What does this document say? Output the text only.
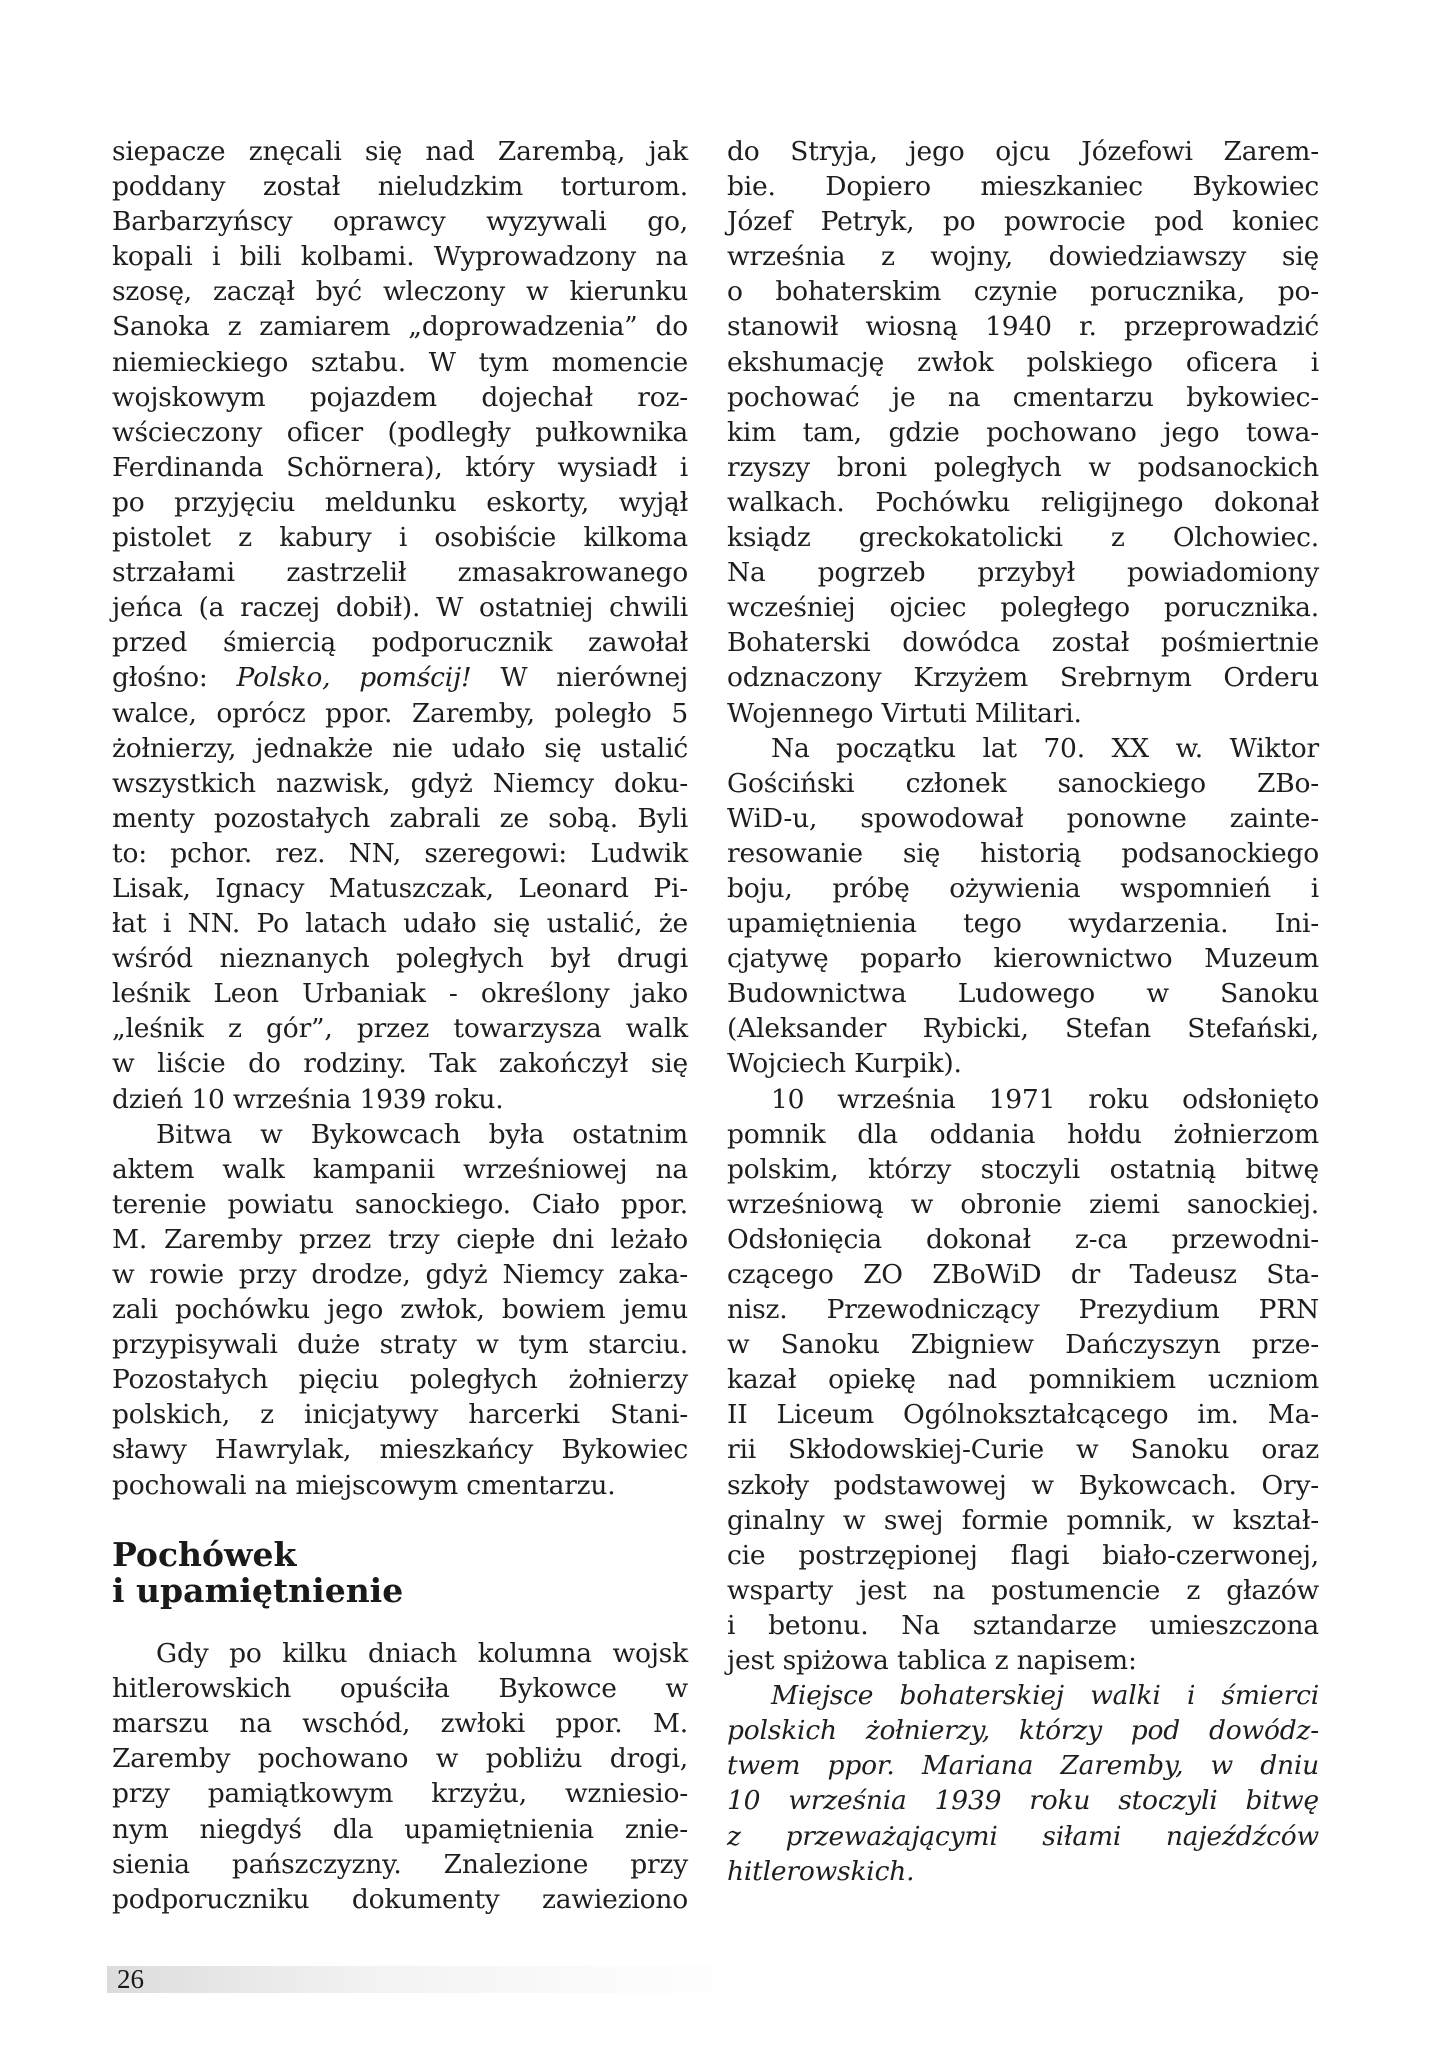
siepacze znęcali się nad Zarembą, jak
poddany został nieludzkim torturom.
Barbarzyńscy oprawcy wyzywali go,
kopali i bili kolbami. Wyprowadzony na
szosę, zaczął być wleczony w kierunku
Sanoka z zamiarem „doprowadzenia” do
niemieckiego sztabu. W tym momencie
wojskowym pojazdem dojechał roz-
wścieczony oficer (podległy pułkownika
Ferdinanda Schörnera), który wysiadł i
po przyjęciu meldunku eskorty, wyjął
pistolet z kabury i osobiście kilkoma
strzałami zastrzelił zmasakrowanego
jeńca (a raczej dobił). W ostatniej chwili
przed śmiercią podporucznik zawołał
głośno: Polsko, pomścij! W nierównej
walce, oprócz ppor. Zaremby, poległo 5
żołnierzy, jednakże nie udało się ustalić
wszystkich nazwisk, gdyż Niemcy doku-
menty pozostałych zabrali ze sobą. Byli
to: pchor. rez. NN, szeregowi: Ludwik
Lisak, Ignacy Matuszczak, Leonard Pi-
łat i NN. Po latach udało się ustalić, że
wśród nieznanych poległych był drugi
leśnik Leon Urbaniak - określony jako
„leśnik z gór”, przez towarzysza walk
w liście do rodziny. Tak zakończył się
dzień 10 września 1939 roku.
Bitwa w Bykowcach była ostatnim
aktem walk kampanii wrześniowej na
terenie powiatu sanockiego. Ciało ppor.
M. Zaremby przez trzy ciepłe dni leżało
w rowie przy drodze, gdyż Niemcy zaka-
zali pochówku jego zwłok, bowiem jemu
przypisywali duże straty w tym starciu.
Pozostałych pięciu poległych żołnierzy
polskich, z inicjatywy harcerki Stani-
sławy Hawrylak, mieszkańcy Bykowiec
pochowali na miejscowym cmentarzu.
Pochówek
i upamiętnienie
Gdy po kilku dniach kolumna wojsk
hitlerowskich opuściła Bykowce w
marszu na wschód, zwłoki ppor. M.
Zaremby pochowano w pobliżu drogi,
przy pamiątkowym krzyżu, wzniesio-
nym niegdyś dla upamiętnienia znie-
sienia pańszczyzny. Znalezione przy
podporuczniku dokumenty zawieziono
do Stryja, jego ojcu Józefowi Zarem-
bie. Dopiero mieszkaniec Bykowiec
Józef Petryk, po powrocie pod koniec
września z wojny, dowiedziawszy się
o bohaterskim czynie porucznika, po-
stanowił wiosną 1940 r. przeprowadzić
ekshumację zwłok polskiego oficera i
pochować je na cmentarzu bykowiec-
kim tam, gdzie pochowano jego towa-
rzyszy broni poległych w podsanockich
walkach. Pochówku religijnego dokonał
ksiądz greckokatolicki z Olchowiec.
Na pogrzeb przybył powiadomiony
wcześniej ojciec poległego porucznika.
Bohaterski dowódca został pośmiertnie
odznaczony Krzyżem Srebrnym Orderu
Wojennego Virtuti Militari.
Na początku lat 70. XX w. Wiktor
Gościński członek sanockiego ZBo-
WiD-u, spowodował ponowne zainte-
resowanie się historią podsanockiego
boju, próbę ożywienia wspomnień i
upamiętnienia tego wydarzenia. Ini-
cjatywę poparło kierownictwo Muzeum
Budownictwa Ludowego w Sanoku
(Aleksander Rybicki, Stefan Stefański,
Wojciech Kurpik).
10 września 1971 roku odsłonięto
pomnik dla oddania hołdu żołnierzom
polskim, którzy stoczyli ostatnią bitwę
wrześniową w obronie ziemi sanockiej.
Odsłonięcia dokonał z-ca przewodni-
czącego ZO ZBoWiD dr Tadeusz Sta-
nisz. Przewodniczący Prezydium PRN
w Sanoku Zbigniew Dańczyszyn prze-
kazał opiekę nad pomnikiem uczniom
II Liceum Ogólnokształcącego im. Ma-
rii Skłodowskiej-Curie w Sanoku oraz
szkoły podstawowej w Bykowcach. Ory-
ginalny w swej formie pomnik, w kształ-
cie postrzępionej flagi biało-czerwonej,
wsparty jest na postumencie z głazów
i betonu. Na sztandarze umieszczona
jest spiżowa tablica z napisem:
Miejsce bohaterskiej walki i śmierci
polskich żołnierzy, którzy pod dowódz-
twem ppor. Mariana Zaremby, w dniu
10 września 1939 roku stoczyli bitwę
z przeważającymi siłami najeźdźców
hitlerowskich.
26
